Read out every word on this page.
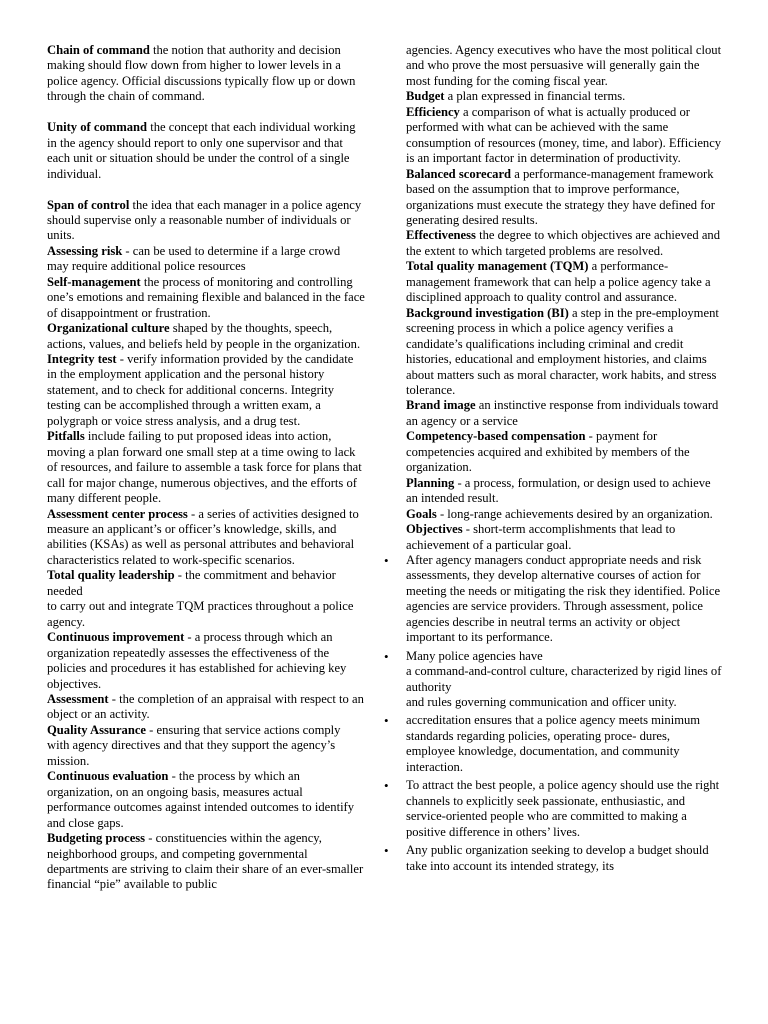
Chain of command the notion that authority and decision making should flow down from higher to lower levels in a police agency. Official discussions typically flow up or down through the chain of command.

Unity of command the concept that each individual working in the agency should report to only one supervisor and that each unit or situation should be under the control of a single individual.

Span of control the idea that each manager in a police agency should supervise only a reasonable number of individuals or units.

Assessing risk - can be used to determine if a large crowd may require additional police resources

Self-management the process of monitoring and controlling one’s emotions and remaining flexible and balanced in the face of disappointment or frustration.

Organizational culture shaped by the thoughts, speech, actions, values, and beliefs held by people in the organization.

Integrity test - verify information provided by the candidate in the employment application and the personal history statement, and to check for additional concerns. Integrity testing can be accomplished through a written exam, a polygraph or voice stress analysis, and a drug test.

Pitfalls include failing to put proposed ideas into action, moving a plan forward one small step at a time owing to lack of resources, and failure to assemble a task force for plans that call for major change, numerous objectives, and the efforts of many different people.

Assessment center process - a series of activities designed to measure an applicant’s or officer’s knowledge, skills, and abilities (KSAs) as well as personal attributes and behavioral characteristics related to work-specific scenarios.

Total quality leadership - the commitment and behavior needed
to carry out and integrate TQM practices throughout a police agency.

Continuous improvement - a process through which an organization repeatedly assesses the effectiveness of the policies and procedures it has established for achieving key objectives.

Assessment - the completion of an appraisal with respect to an object or an activity.

Quality Assurance - ensuring that service actions comply with agency directives and that they support the agency’s mission.

Continuous evaluation - the process by which an organization, on an ongoing basis, measures actual performance outcomes against intended outcomes to identify and close gaps.

Budgeting process - constituencies within the agency, neighborhood groups, and competing governmental departments are striving to claim their share of an ever-smaller financial “pie” available to public

agencies. Agency executives who have the most political clout and who prove the most persuasive will generally gain the most funding for the coming fiscal year.

Budget a plan expressed in financial terms.

Efficiency a comparison of what is actually produced or performed with what can be achieved with the same consumption of resources (money, time, and labor). Efficiency is an important factor in determination of productivity.

Balanced scorecard a performance-management framework based on the assumption that to improve performance, organizations must execute the strategy they have defined for generating desired results.

Effectiveness the degree to which objectives are achieved and the extent to which targeted problems are resolved.

Total quality management (TQM) a performance-management framework that can help a police agency take a disciplined approach to quality control and assurance.

Background investigation (BI) a step in the pre-employment screening process in which a police agency verifies a candidate’s qualifications including criminal and credit histories, educational and employment histories, and claims about matters such as moral character, work habits, and stress tolerance.

Brand image an instinctive response from individuals toward an agency or a service

Competency-based compensation - payment for competencies acquired and exhibited by members of the organization.

Planning - a process, formulation, or design used to achieve an intended result.

Goals - long-range achievements desired by an organization.

Objectives - short-term accomplishments that lead to achievement of a particular goal.

• After agency managers conduct appropriate needs and risk assessments, they develop alternative courses of action for meeting the needs or mitigating the risk they identified. Police agencies are service providers. Through assessment, police agencies describe in neutral terms an activity or object important to its performance.
• Many police agencies have
a command-and-control culture, characterized by rigid lines of authority
and rules governing communication and officer unity.
• accreditation ensures that a police agency meets minimum standards regarding policies, operating proce- dures, employee knowledge, documentation, and community interaction.
• To attract the best people, a police agency should use the right channels to explicitly seek passionate, enthusiastic, and service-oriented people who are committed to making a positive difference in others’ lives.
• Any public organization seeking to develop a budget should take into account its intended strategy, its
